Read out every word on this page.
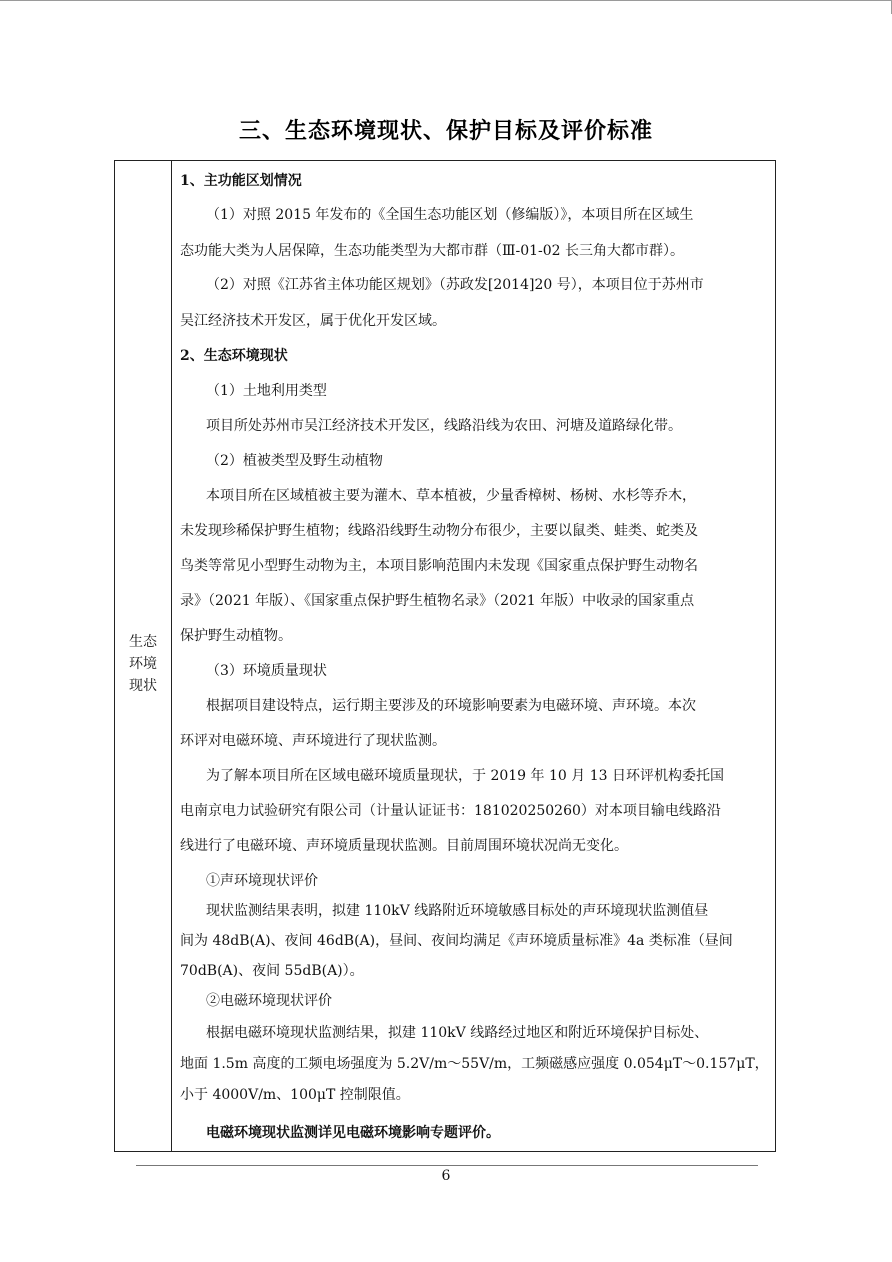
三、生态环境现状、保护目标及评价标准
生态环境现状
1、主功能区划情况
（1）对照 2015 年发布的《全国生态功能区划（修编版）》，本项目所在区域生
态功能大类为人居保障，生态功能类型为大都市群（Ⅲ-01-02 长三角大都市群）。
（2）对照《江苏省主体功能区规划》（苏政发[2014]20 号），本项目位于苏州市
吴江经济技术开发区，属于优化开发区域。
2、生态环境现状
（1）土地利用类型
项目所处苏州市吴江经济技术开发区，线路沿线为农田、河塘及道路绿化带。
（2）植被类型及野生动植物
本项目所在区域植被主要为灌木、草本植被，少量香樟树、杨树、水杉等乔木，
未发现珍稀保护野生植物；线路沿线野生动物分布很少，主要以鼠类、蛙类、蛇类及
鸟类等常见小型野生动物为主，本项目影响范围内未发现《国家重点保护野生动物名
录》（2021 年版）、《国家重点保护野生植物名录》（2021 年版）中收录的国家重点
保护野生动植物。
（3）环境质量现状
根据项目建设特点，运行期主要涉及的环境影响要素为电磁环境、声环境。本次
环评对电磁环境、声环境进行了现状监测。
为了解本项目所在区域电磁环境质量现状，于 2019 年 10 月 13 日环评机构委托国
电南京电力试验研究有限公司（计量认证证书：181020250260）对本项目输电线路沿
线进行了电磁环境、声环境质量现状监测。目前周围环境状况尚无变化。
①声环境现状评价
现状监测结果表明，拟建 110kV 线路附近环境敏感目标处的声环境现状监测值昼
间为 48dB(A)、夜间 46dB(A)，昼间、夜间均满足《声环境质量标准》4a 类标准（昼间
70dB(A)、夜间 55dB(A)）。
②电磁环境现状评价
根据电磁环境现状监测结果，拟建 110kV 线路经过地区和附近环境保护目标处、
地面 1.5m 高度的工频电场强度为 5.2V/m～55V/m，工频磁感应强度 0.054μT～0.157μT，
小于 4000V/m、100μT 控制限值。
电磁环境现状监测详见电磁环境影响专题评价。
6
